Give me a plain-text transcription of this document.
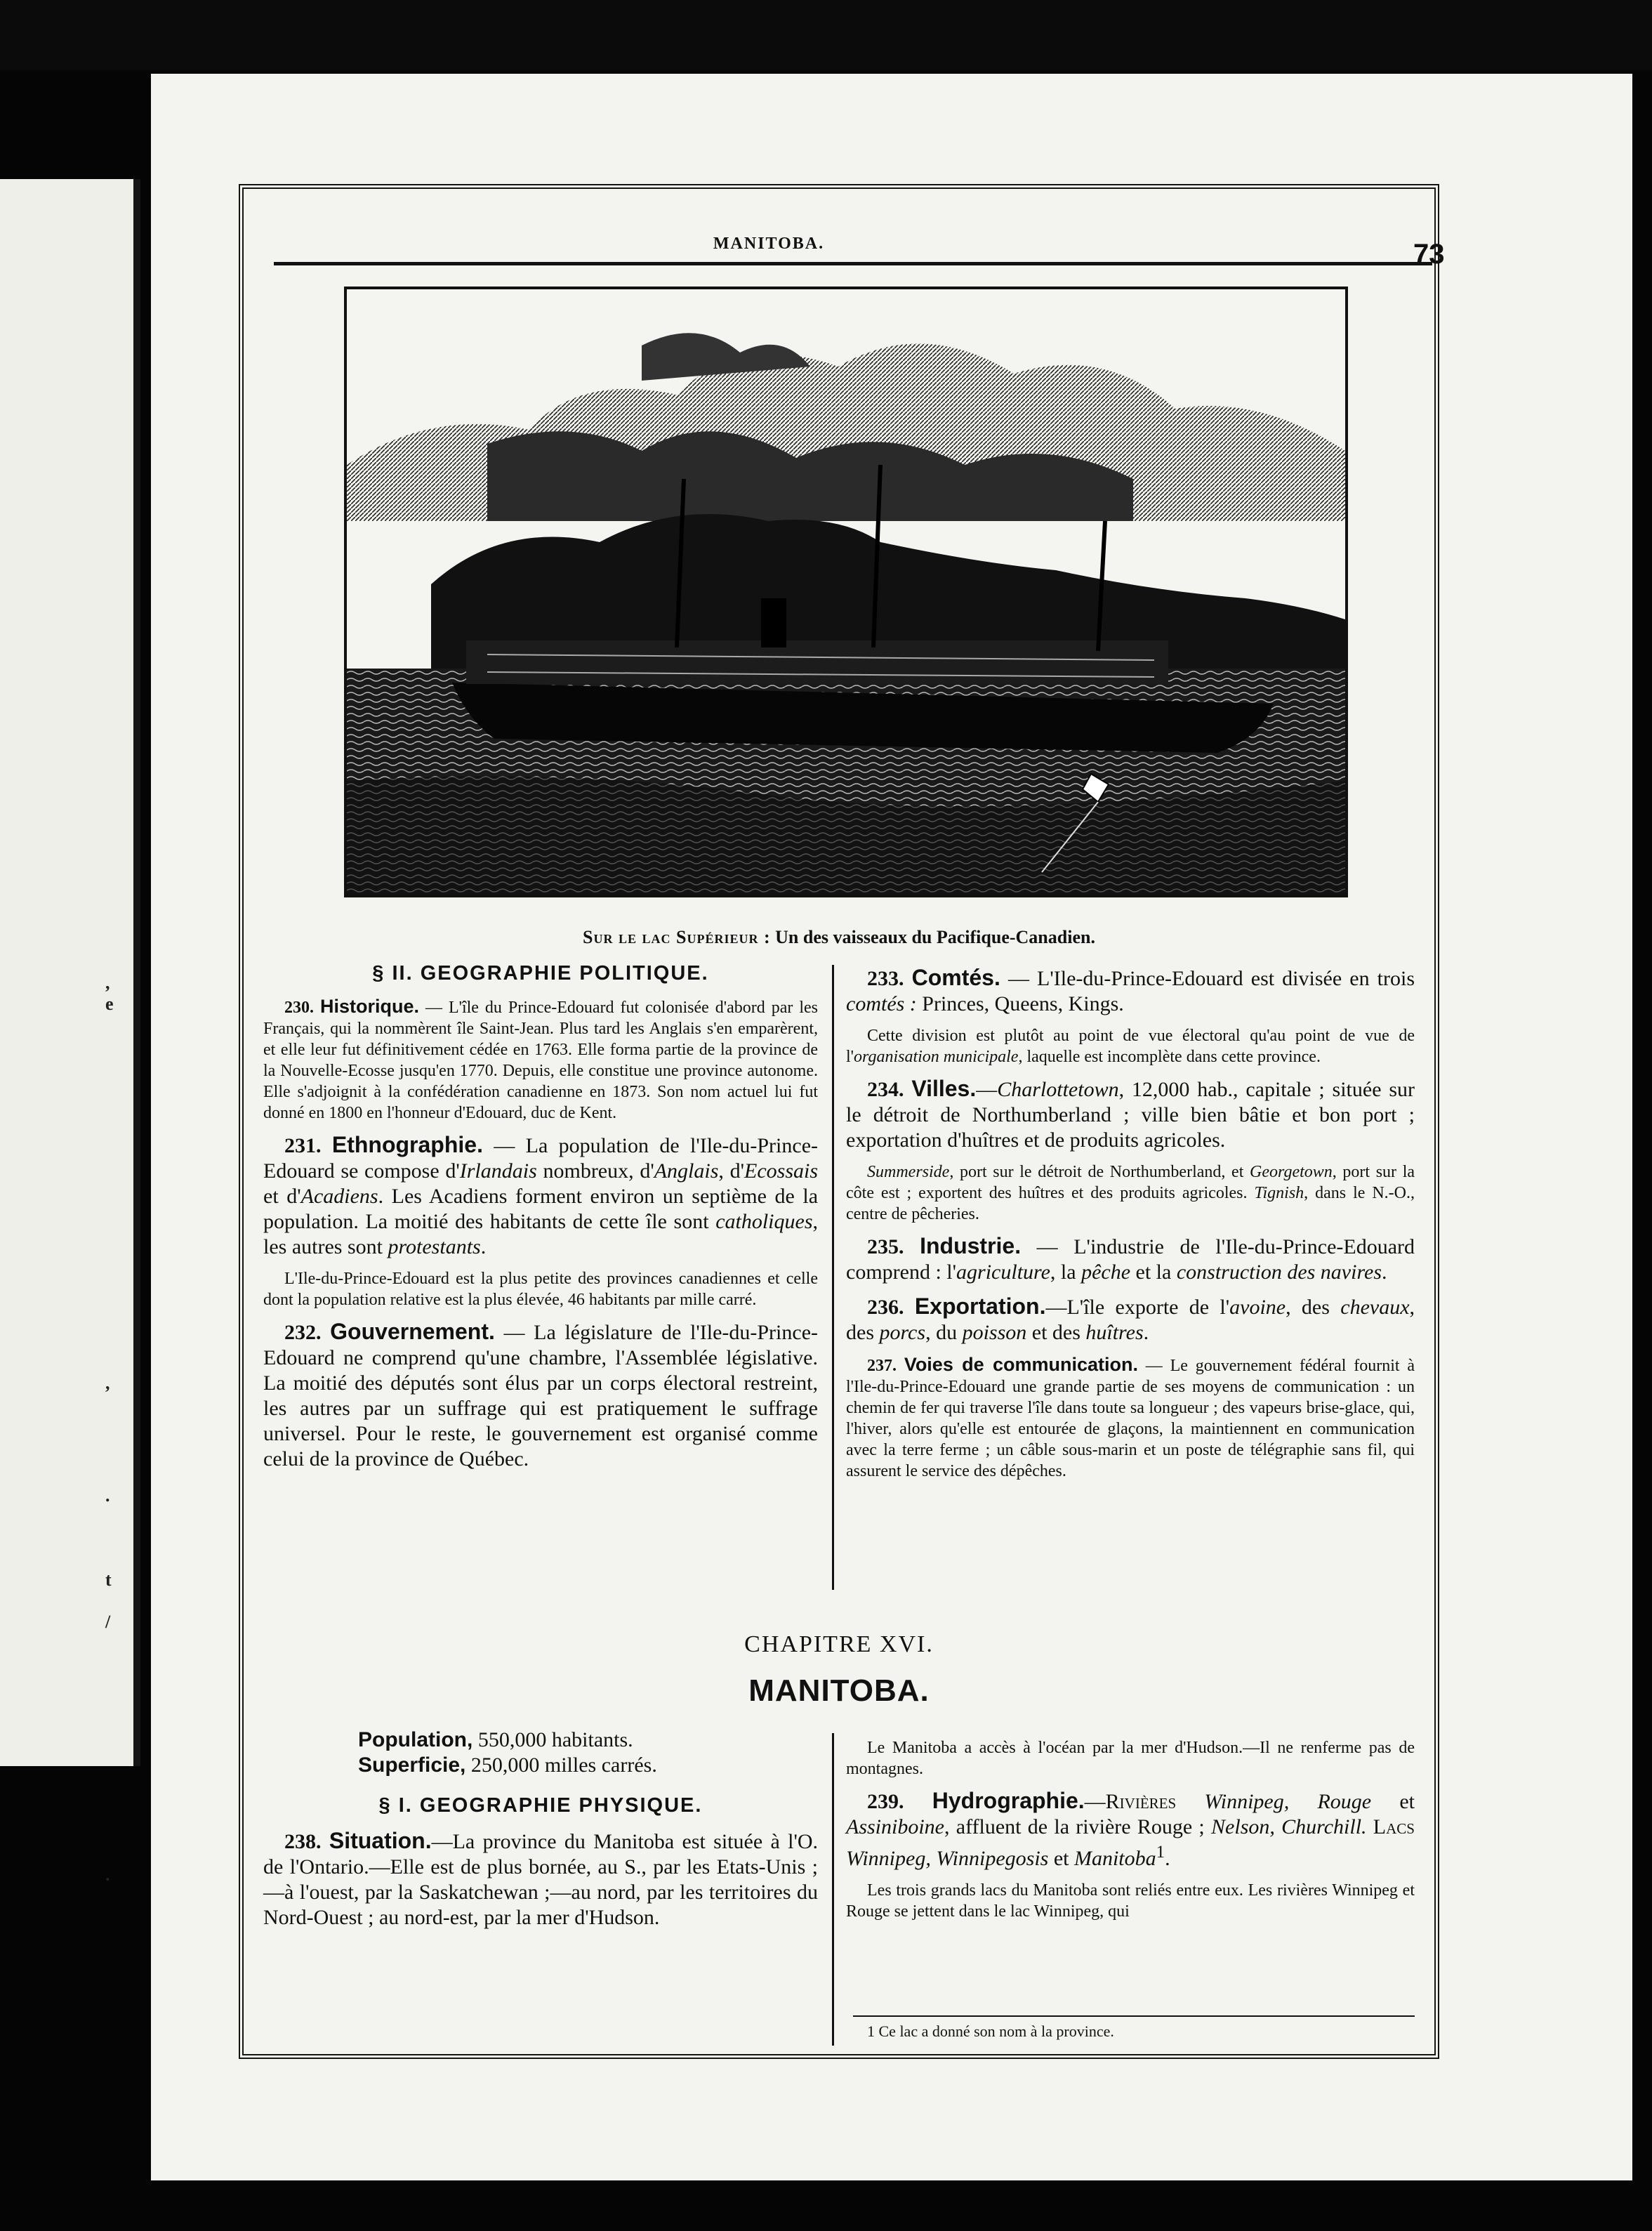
,
e
,
.
t
/
.
MANITOBA.	73
Sur le lac Supérieur : Un des vaisseaux du Pacifique-Canadien.
§ II. GEOGRAPHIE POLITIQUE.

230. Historique. — L'île du Prince-Edouard fut colonisée d'abord par les Français, qui la nommèrent île Saint-Jean. Plus tard les Anglais s'en emparèrent, et elle leur fut définitivement cédée en 1763. Elle forma partie de la province de la Nouvelle-Ecosse jusqu'en 1770. Depuis, elle constitue une province autonome. Elle s'adjoignit à la confédération canadienne en 1873. Son nom actuel lui fut donné en 1800 en l'honneur d'Edouard, duc de Kent.

231. Ethnographie. — La population de l'Ile-du-Prince-Edouard se compose d'Irlandais nombreux, d'Anglais, d'Ecossais et d'Acadiens. Les Acadiens forment environ un septième de la population. La moitié des habitants de cette île sont catholiques, les autres sont protestants.

L'Ile-du-Prince-Edouard est la plus petite des provinces canadiennes et celle dont la population relative est la plus élevée, 46 habitants par mille carré.

232. Gouvernement. — La législature de l'Ile-du-Prince-Edouard ne comprend qu'une chambre, l'Assemblée législative. La moitié des députés sont élus par un corps électoral restreint, les autres par un suffrage qui est pratiquement le suffrage universel. Pour le reste, le gouvernement est organisé comme celui de la province de Québec.

233. Comtés. — L'Ile-du-Prince-Edouard est divisée en trois comtés : Princes, Queens, Kings.

Cette division est plutôt au point de vue électoral qu'au point de vue de l'organisation municipale, laquelle est incomplète dans cette province.

234. Villes.—Charlottetown, 12,000 hab., capitale ; située sur le détroit de Northumberland ; ville bien bâtie et bon port ; exportation d'huîtres et de produits agricoles.

Summerside, port sur le détroit de Northumberland, et Georgetown, port sur la côte est ; exportent des huîtres et des produits agricoles. Tignish, dans le N.-O., centre de pêcheries.

235. Industrie. — L'industrie de l'Ile-du-Prince-Edouard comprend : l'agriculture, la pêche et la construction des navires.

236. Exportation.—L'île exporte de l'avoine, des chevaux, des porcs, du poisson et des huîtres.

237. Voies de communication. — Le gouvernement fédéral fournit à l'Ile-du-Prince-Edouard une grande partie de ses moyens de communication : un chemin de fer qui traverse l'île dans toute sa longueur ; des vapeurs brise-glace, qui, l'hiver, alors qu'elle est entourée de glaçons, la maintiennent en communication avec la terre ferme ; un câble sous-marin et un poste de télégraphie sans fil, qui assurent le service des dépêches.

CHAPITRE XVI.
MANITOBA.
Population, 550,000 habitants.
Superficie, 250,000 milles carrés.
§ I. GEOGRAPHIE PHYSIQUE.

238. Situation.—La province du Manitoba est située à l'O. de l'Ontario.—Elle est de plus bornée, au S., par les Etats-Unis ;—à l'ouest, par la Saskatchewan ;—au nord, par les territoires du Nord-Ouest ; au nord-est, par la mer d'Hudson.

Le Manitoba a accès à l'océan par la mer d'Hudson.—Il ne renferme pas de montagnes.

239. Hydrographie.—Rivières Winnipeg, Rouge et Assiniboine, affluent de la rivière Rouge ; Nelson, Churchill. Lacs Winnipeg, Winnipegosis et Manitoba$^1$.

Les trois grands lacs du Manitoba sont reliés entre eux. Les rivières Winnipeg et Rouge se jettent dans le lac Winnipeg, qui

1 Ce lac a donné son nom à la province.
